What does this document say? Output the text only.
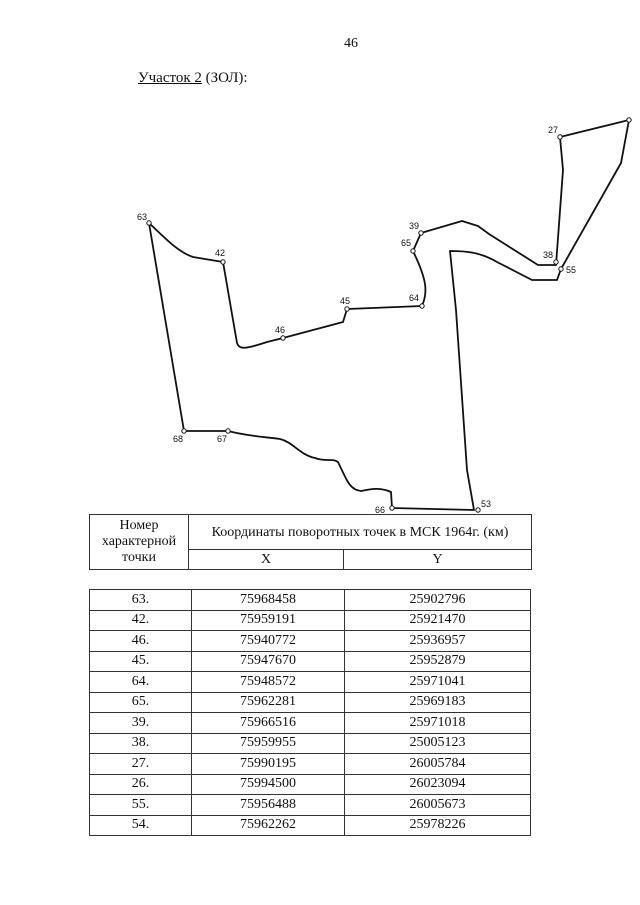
46
Участок 2 (ЗОЛ):
63
42
46
45	64
65
39
38
27
55
53
66
67
68
Номер характерной точки	Координаты поворотных точек в МСК 1964г. (км)	
	X	Y
63.	75968458	25902796
42.	75959191	25921470
46.	75940772	25936957
45.	75947670	25952879
64.	75948572	25971041
65.	75962281	25969183
39.	75966516	25971018
38.	75959955	25005123
27.	75990195	26005784
26.	75994500	26023094
55.	75956488	26005673
54.	75962262	25978226
